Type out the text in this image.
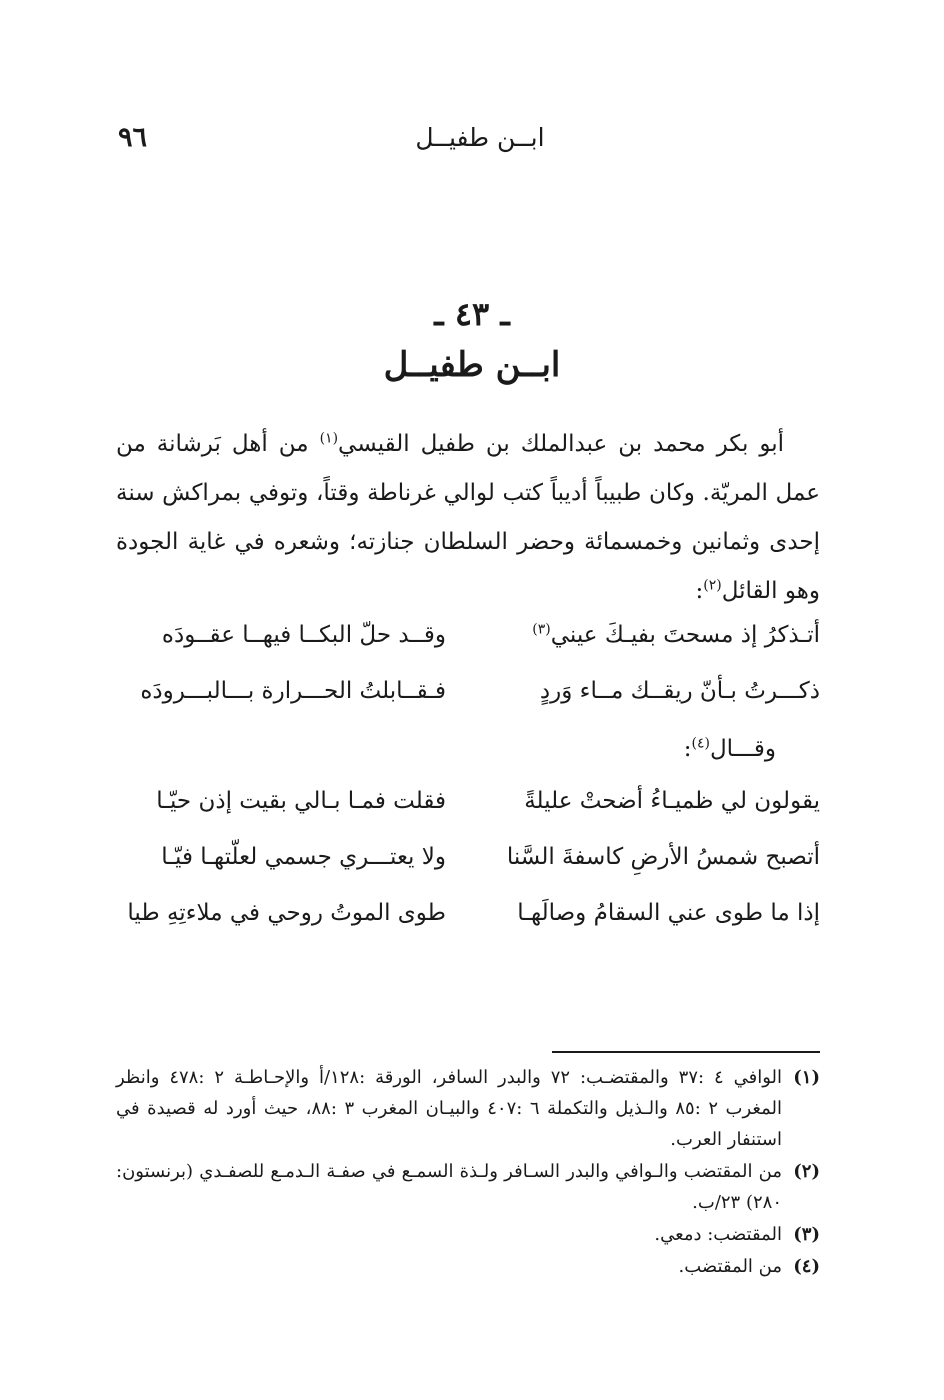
٩٦	ابــن طفيــل
ـ ٤٣ ـ
ابــن طفيــل
أبو بكر محمد بن عبدالملك بن طفيل القيسي$^{(١)}$ من أهل بَرشانة من عمل المريّة. وكان طبيباً أديباً كتب لوالي غرناطة وقتاً، وتوفي بمراكش سنة إحدى وثمانين وخمسمائة وحضر السلطان جنازته؛ وشعره في غاية الجودة وهو القائل$^{(٢)}$:
أتـذكرُ إذ مسحتَ بفيـكَ عيني$^{(٣)}$
وقــد حلّ البكــا فيهــا عقــودَه
ذكـــرتُ بـأنّ ريقــك مــاء وَردٍ
فـقــابلتُ الحـــرارة بـــالبـــرودَه
وقـــال$^{(٤)}$:
يقولون لي ظميـاءُ أضحتْ عليلةً
فقلت فمـا بـالي بقيت إذن حيّـا
أتصبح شمسُ الأرضِ كاسفةَ السَّنا
ولا يعتـــري جسمي لعلّتهـا فيّـا
إذا ما طوى عني السقامُ وصالَهـا
طوى الموتُ روحي في ملاءتِهِ طيا
(١)
الوافي ٤ :٣٧ والمقتضـب: ٧٢ والبدر السافر، الورقة :١٢٨/أ والإحـاطـة ٢ :٤٧٨ وانظر المغرب ٢ :٨٥ والـذيل والتكملة ٦ :٤٠٧ والبيـان المغرب ٣ :٨٨، حيث أورد له قصيدة في استنفار العرب.
(٢)
من المقتضب والـوافي والبدر السـافر ولـذة السمـع في صفـة الـدمـع للصفـدي (برنستون: ٢٨٠) ٢٣/ب.
(٣)
المقتضب: دمعي.
(٤)
من المقتضب.
